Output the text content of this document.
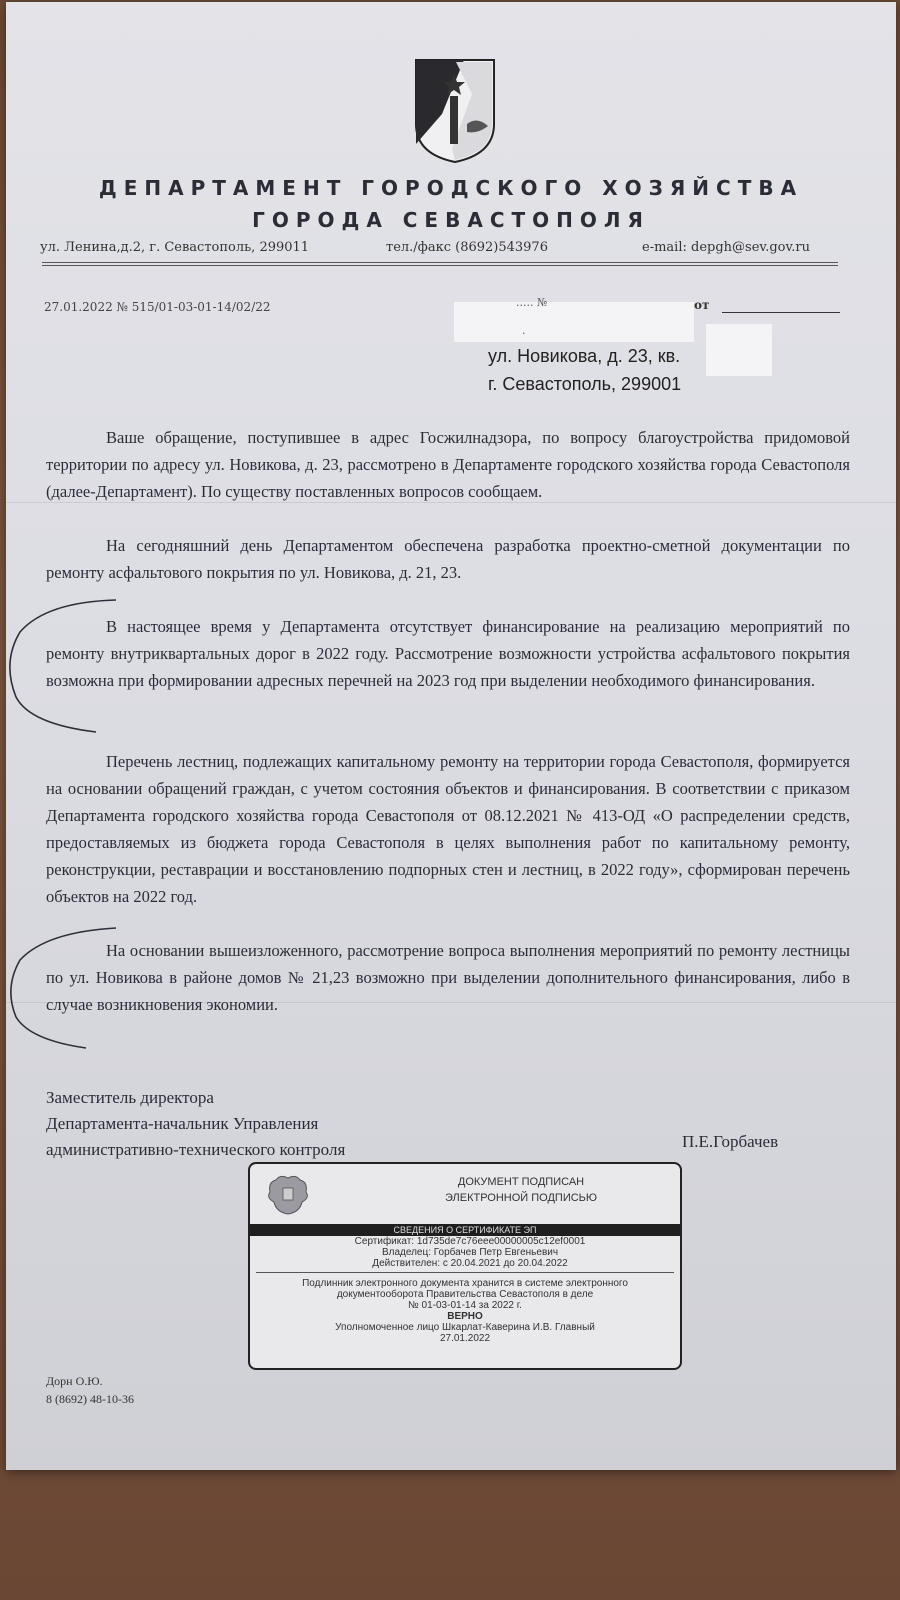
ДЕПАРТАМЕНТ ГОРОДСКОГО ХОЗЯЙСТВА
ГОРОДА СЕВАСТОПОЛЯ
ул. Ленина,д.2, г. Севастополь, 299011	тел./факс (8692)543976	e-mail: depgh@sev.gov.ru
27.01.2022 № 515/01-03-01-14/02/22	от
..... №
.
ул. Новикова, д. 23, кв.
г. Севастополь, 299001
Ваше обращение, поступившее в адрес Госжилнадзора, по вопросу благоустройства придомовой территории по адресу ул. Новикова, д. 23, рассмотрено в Департаменте городского хозяйства города Севастополя (далее-Департамент). По существу поставленных вопросов сообщаем.
На сегодняшний день Департаментом обеспечена разработка проектно-сметной документации по ремонту асфальтового покрытия по ул. Новикова, д. 21, 23.
В настоящее время у Департамента отсутствует финансирование на реализацию мероприятий по ремонту внутриквартальных дорог в 2022 году. Рассмотрение возможности устройства асфальтового покрытия возможна при формировании адресных перечней на 2023 год при выделении необходимого финансирования.
Перечень лестниц, подлежащих капитальному ремонту на территории города Севастополя, формируется на основании обращений граждан, с учетом состояния объектов и финансирования. В соответствии с приказом Департамента городского хозяйства города Севастополя от 08.12.2021 № 413-ОД «О распределении средств, предоставляемых из бюджета города Севастополя в целях выполнения работ по капитальному ремонту, реконструкции, реставрации и восстановлению подпорных стен и лестниц, в 2022 году», сформирован перечень объектов на 2022 год.
На основании вышеизложенного, рассмотрение вопроса выполнения мероприятий по ремонту лестницы по ул. Новикова в районе домов № 21,23 возможно при выделении дополнительного финансирования, либо в случае возникновения экономии.
Заместитель директора
Департамента-начальник Управления
административно-технического контроля	П.Е.Горбачев
ДОКУМЕНТ ПОДПИСАН
ЭЛЕКТРОННОЙ ПОДПИСЬЮ
СВЕДЕНИЯ О СЕРТИФИКАТЕ ЭП
Сертификат: 1d735de7c76eee00000005c12ef0001
Владелец: Горбачев Петр Евгеньевич
Действителен: с 20.04.2021 до 20.04.2022
Подлинник электронного документа хранится в системе электронного
документооборота Правительства Севастополя в деле
№ 01-03-01-14 за 2022 г.
ВЕРНО
Уполномоченное лицо Шкарлат-Каверина И.В. Главный
27.01.2022
Дорн О.Ю.
8 (8692) 48-10-36
